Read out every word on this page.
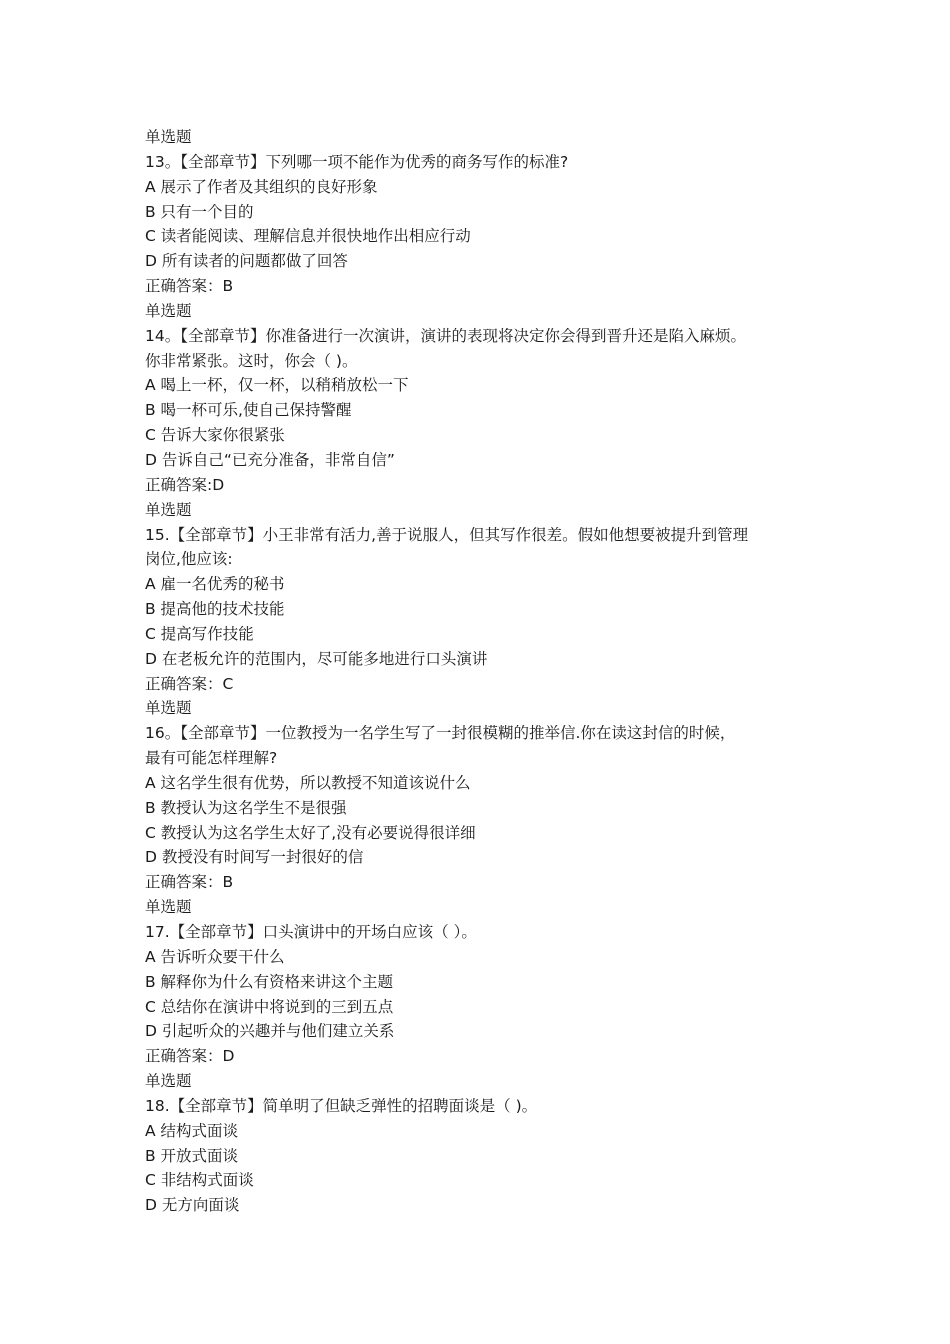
单选题
13。【全部章节】下列哪一项不能作为优秀的商务写作的标准?
A 展示了作者及其组织的良好形象
B 只有一个目的
C 读者能阅读、理解信息并很快地作出相应行动
D 所有读者的问题都做了回答
正确答案：B
单选题
14。【全部章节】你准备进行一次演讲，演讲的表现将决定你会得到晋升还是陷入麻烦。
你非常紧张。这时，你会（ )。
A 喝上一杯，仅一杯，以稍稍放松一下
B 喝一杯可乐,使自己保持警醒
C 告诉大家你很紧张
D 告诉自己“已充分准备，非常自信”
正确答案:D
单选题
15.【全部章节】小王非常有活力,善于说服人，但其写作很差。假如他想要被提升到管理
岗位,他应该:
A 雇一名优秀的秘书
B 提高他的技术技能
C 提高写作技能
D 在老板允许的范围内，尽可能多地进行口头演讲
正确答案：C
单选题
16。【全部章节】一位教授为一名学生写了一封很模糊的推举信.你在读这封信的时候，
最有可能怎样理解?
A 这名学生很有优势，所以教授不知道该说什么
B 教授认为这名学生不是很强
C 教授认为这名学生太好了,没有必要说得很详细
D 教授没有时间写一封很好的信
正确答案：B
单选题
17.【全部章节】口头演讲中的开场白应该（ ）。
A 告诉听众要干什么
B 解释你为什么有资格来讲这个主题
C 总结你在演讲中将说到的三到五点
D 引起听众的兴趣并与他们建立关系
正确答案：D
单选题
18.【全部章节】简单明了但缺乏弹性的招聘面谈是（ )。
A 结构式面谈
B 开放式面谈
C 非结构式面谈
D 无方向面谈
